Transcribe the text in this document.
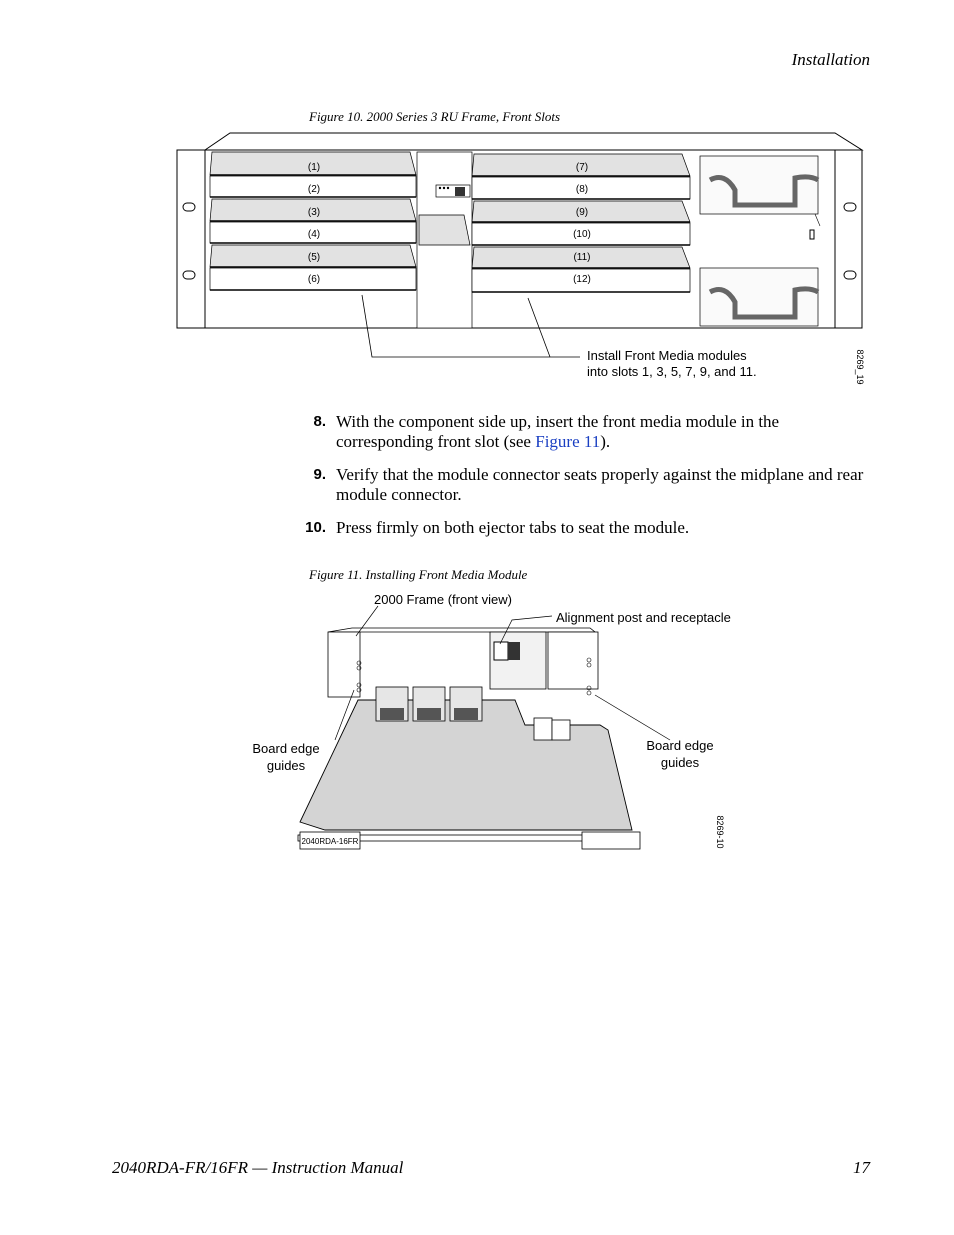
Installation
Figure 10. 2000 Series 3 RU Frame, Front Slots
(1)
(2)
(3)
(4)
(5)
(6)
(7)
(8)
(9)
(10)
(11)
(12)
Install Front Media modules
into slots 1, 3, 5, 7, 9, and 11.	8269_19
8. With the component side up, insert the front media module in the corresponding front slot (see Figure 11).
9. Verify that the module connector seats properly against the midplane and rear module connector.
10. Press firmly on both ejector tabs to seat the module.
Figure 11. Installing Front Media Module
2040RDA-16FR
2000 Frame (front view)
Alignment post and receptacle
Board edge
guides
Board edge
guides
8269-10
2040RDA-FR/16FR — Instruction Manual	17
